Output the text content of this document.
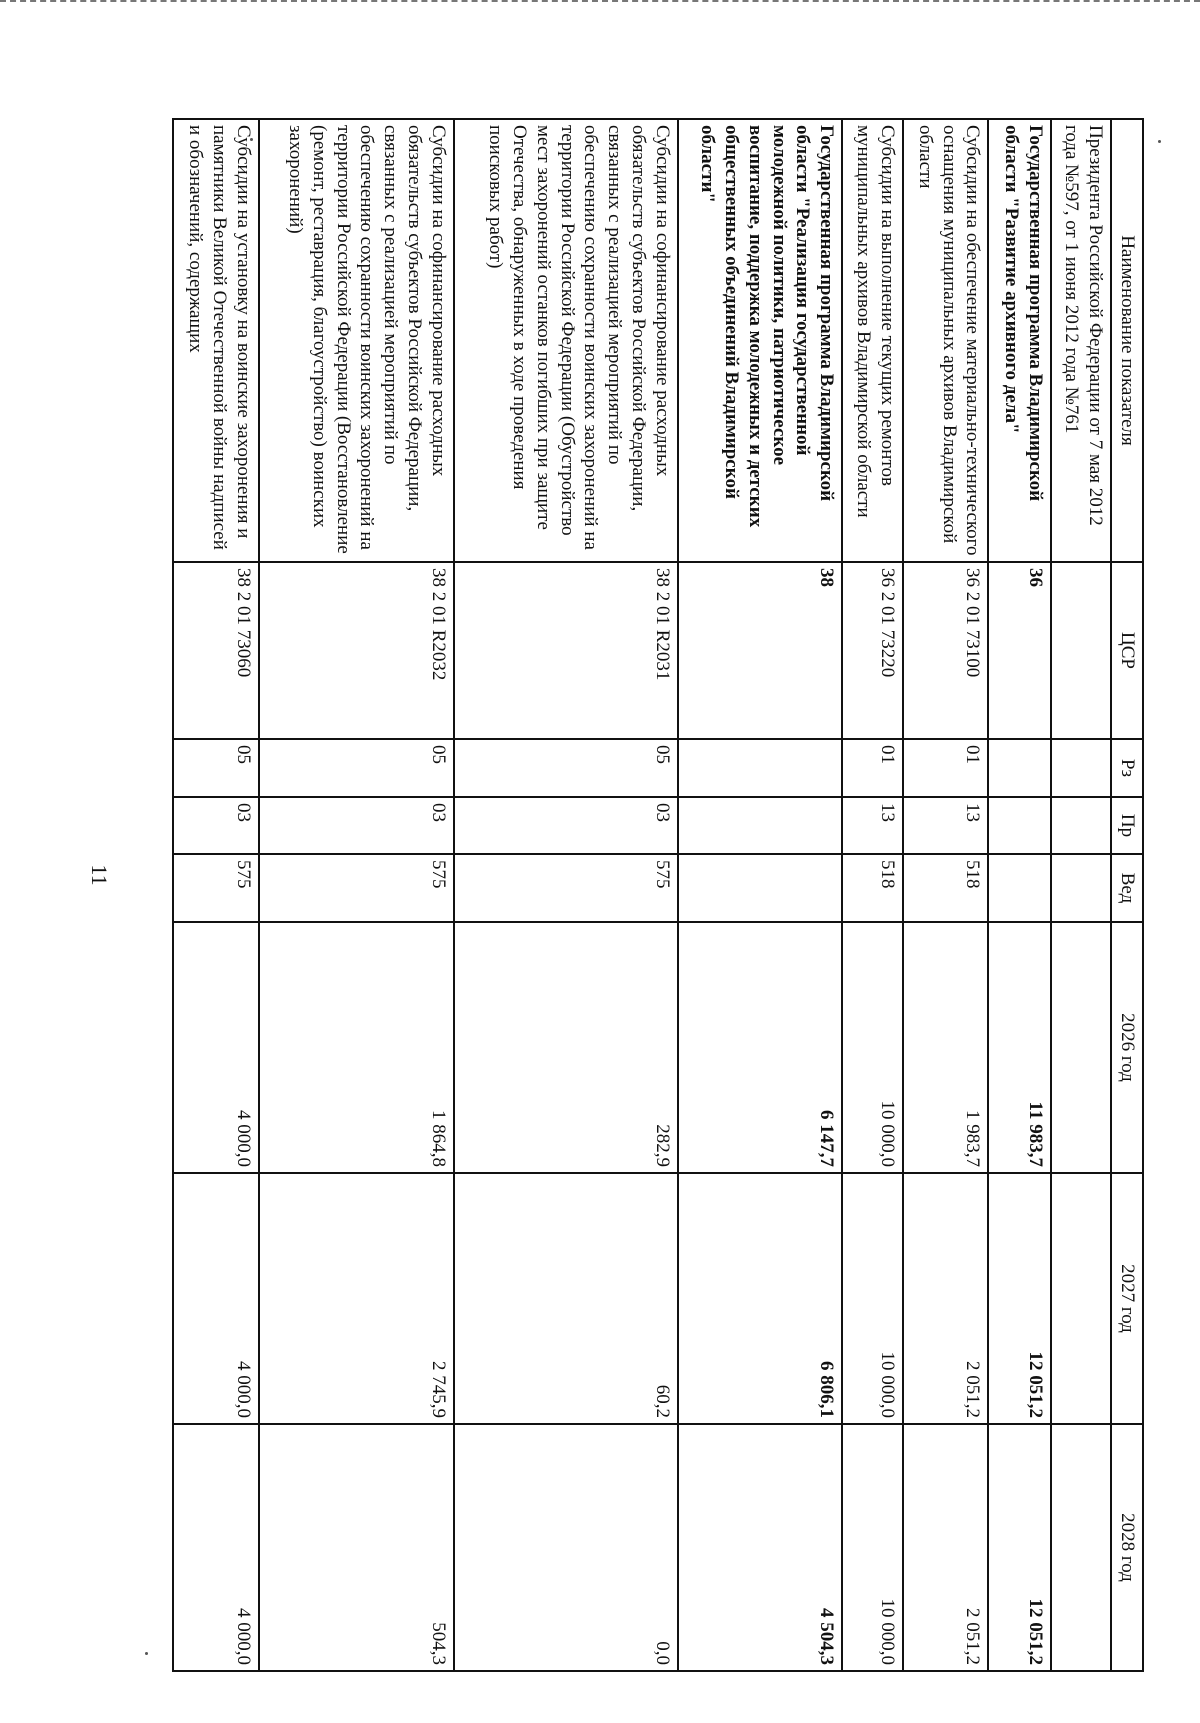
11
Наименование показателя	ЦСР	Рз	Пр	Вед	2026 год	2027 год	2028 год
Президента Российской Федерации от 7 мая 2012 года №597, от 1 июня 2012 года №761							
Государственная программа Владимирской области "Развитие архивного дела"	36				11 983,7	12 051,2	12 051,2
Субсидии на обеспечение материально-технического оснащения муниципальных архивов Владимирской области	36 2 01 73100	01	13	518	1 983,7	2 051,2	2 051,2
Субсидии на выполнение текущих ремонтов муниципальных архивов Владимирской области	36 2 01 73220	01	13	518	10 000,0	10 000,0	10 000,0
Государственная программа Владимирской области "Реализация государственной молодежной политики, патриотическое воспитание, поддержка молодежных и детских общественных объединений Владимирской области"	38				6 147,7	6 806,1	4 504,3
Субсидии на софинансирование расходных обязательств субъектов Российской Федерации, связанных с реализацией мероприятий по обеспечению сохранности воинских захоронений на территории Российской Федерации (Обустройство мест захоронений останков погибших при защите Отечества, обнаруженных в ходе проведения поисковых работ)	38 2 01 R2031	05	03	575	282,9	60,2	0,0
Субсидии на софинансирование расходных обязательств субъектов Российской Федерации, связанных с реализацией мероприятий по обеспечению сохранности воинских захоронений на территории Российской Федерации (Восстановление (ремонт, реставрация, благоустройство) воинских захоронений)	38 2 01 R2032	05	03	575	1 864,8	2 745,9	504,3
Субсидии на установку на воинские захоронения и памятники Великой Отечественной войны надписей и обозначений, содержащих	38 2 01 73060	05	03	575	4 000,0	4 000,0	4 000,0
